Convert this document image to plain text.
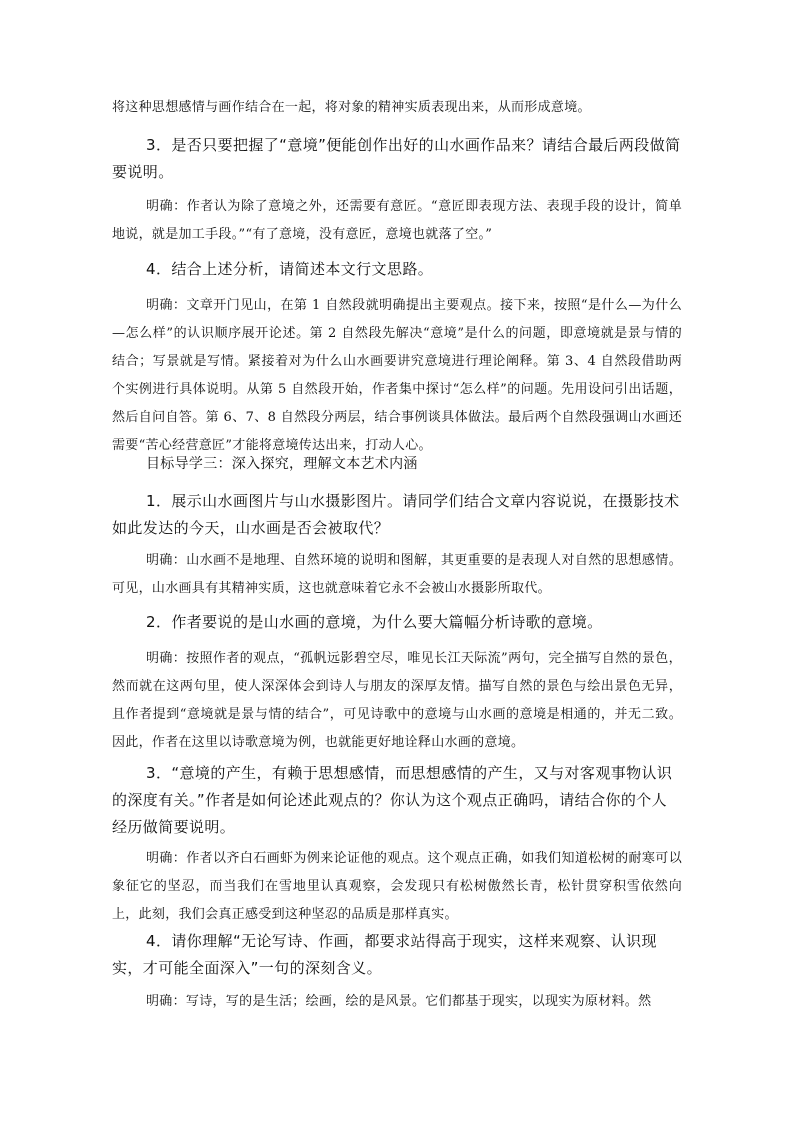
将这种思想感情与画作结合在一起，将对象的精神实质表现出来，从而形成意境。
3．是否只要把握了“意境”便能创作出好的山水画作品来？请结合最后两段做简要说明。
明确：作者认为除了意境之外，还需要有意匠。“意匠即表现方法、表现手段的设计，简单地说，就是加工手段。”“有了意境，没有意匠，意境也就落了空。”
4．结合上述分析，请简述本文行文思路。
明确：文章开门见山，在第 1 自然段就明确提出主要观点。接下来，按照“是什么—为什么—怎么样”的认识顺序展开论述。第 2 自然段先解决“意境”是什么的问题，即意境就是景与情的结合；写景就是写情。紧接着对为什么山水画要讲究意境进行理论阐释。第 3、4 自然段借助两个实例进行具体说明。从第 5 自然段开始，作者集中探讨“怎么样”的问题。先用设问引出话题，然后自问自答。第 6、7、8 自然段分两层，结合事例谈具体做法。最后两个自然段强调山水画还需要“苦心经营意匠”才能将意境传达出来，打动人心。
目标导学三：深入探究，理解文本艺术内涵
1．展示山水画图片与山水摄影图片。请同学们结合文章内容说说，在摄影技术如此发达的今天，山水画是否会被取代？
明确：山水画不是地理、自然环境的说明和图解，其更重要的是表现人对自然的思想感情。可见，山水画具有其精神实质，这也就意味着它永不会被山水摄影所取代。
2．作者要说的是山水画的意境，为什么要大篇幅分析诗歌的意境。
明确：按照作者的观点，“孤帆远影碧空尽，唯见长江天际流”两句，完全描写自然的景色，然而就在这两句里，使人深深体会到诗人与朋友的深厚友情。描写自然的景色与绘出景色无异，且作者提到“意境就是景与情的结合”，可见诗歌中的意境与山水画的意境是相通的，并无二致。因此，作者在这里以诗歌意境为例，也就能更好地诠释山水画的意境。
3．“意境的产生，有赖于思想感情，而思想感情的产生，又与对客观事物认识的深度有关。”作者是如何论述此观点的？你认为这个观点正确吗，请结合你的个人经历做简要说明。
明确：作者以齐白石画虾为例来论证他的观点。这个观点正确，如我们知道松树的耐寒可以象征它的坚忍，而当我们在雪地里认真观察，会发现只有松树傲然长青，松针贯穿积雪依然向上，此刻，我们会真正感受到这种坚忍的品质是那样真实。
4．请你理解“无论写诗、作画，都要求站得高于现实，这样来观察、认识现实，才可能全面深入”一句的深刻含义。
明确：写诗，写的是生活；绘画，绘的是风景。它们都基于现实，以现实为原材料。然
